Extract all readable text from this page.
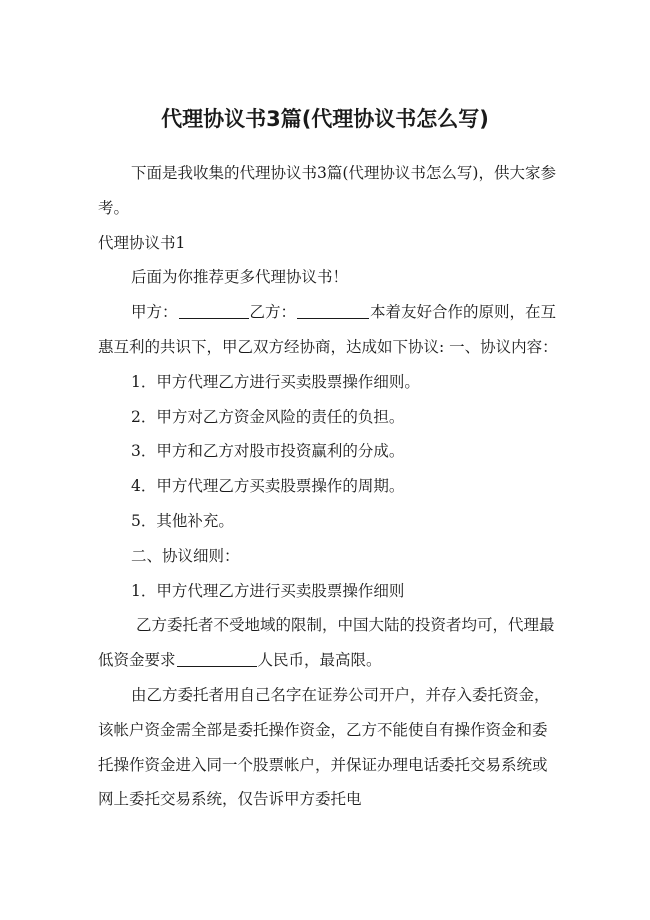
代理协议书3篇(代理协议书怎么写)

下面是我收集的代理协议书3篇(代理协议书怎么写)，供大家参考。

代理协议书1

后面为你推荐更多代理协议书！

甲方：	乙方：	本着友好合作的原则，在互惠互利的共识下，甲乙双方经协商，达成如下协议: 一、协议内容：

1．甲方代理乙方进行买卖股票操作细则。

2．甲方对乙方资金风险的责任的负担。

3．甲方和乙方对股市投资赢利的分成。

4．甲方代理乙方买卖股票操作的周期。

5．其他补充。

二、协议细则：

1．甲方代理乙方进行买卖股票操作细则

乙方委托者不受地域的限制，中国大陆的投资者均可，代理最低资金要求	人民币，最高限。

由乙方委托者用自己名字在证券公司开户，并存入委托资金，该帐户资金需全部是委托操作资金，乙方不能使自有操作资金和委托操作资金进入同一个股票帐户，并保证办理电话委托交易系统或网上委托交易系统，仅告诉甲方委托电
